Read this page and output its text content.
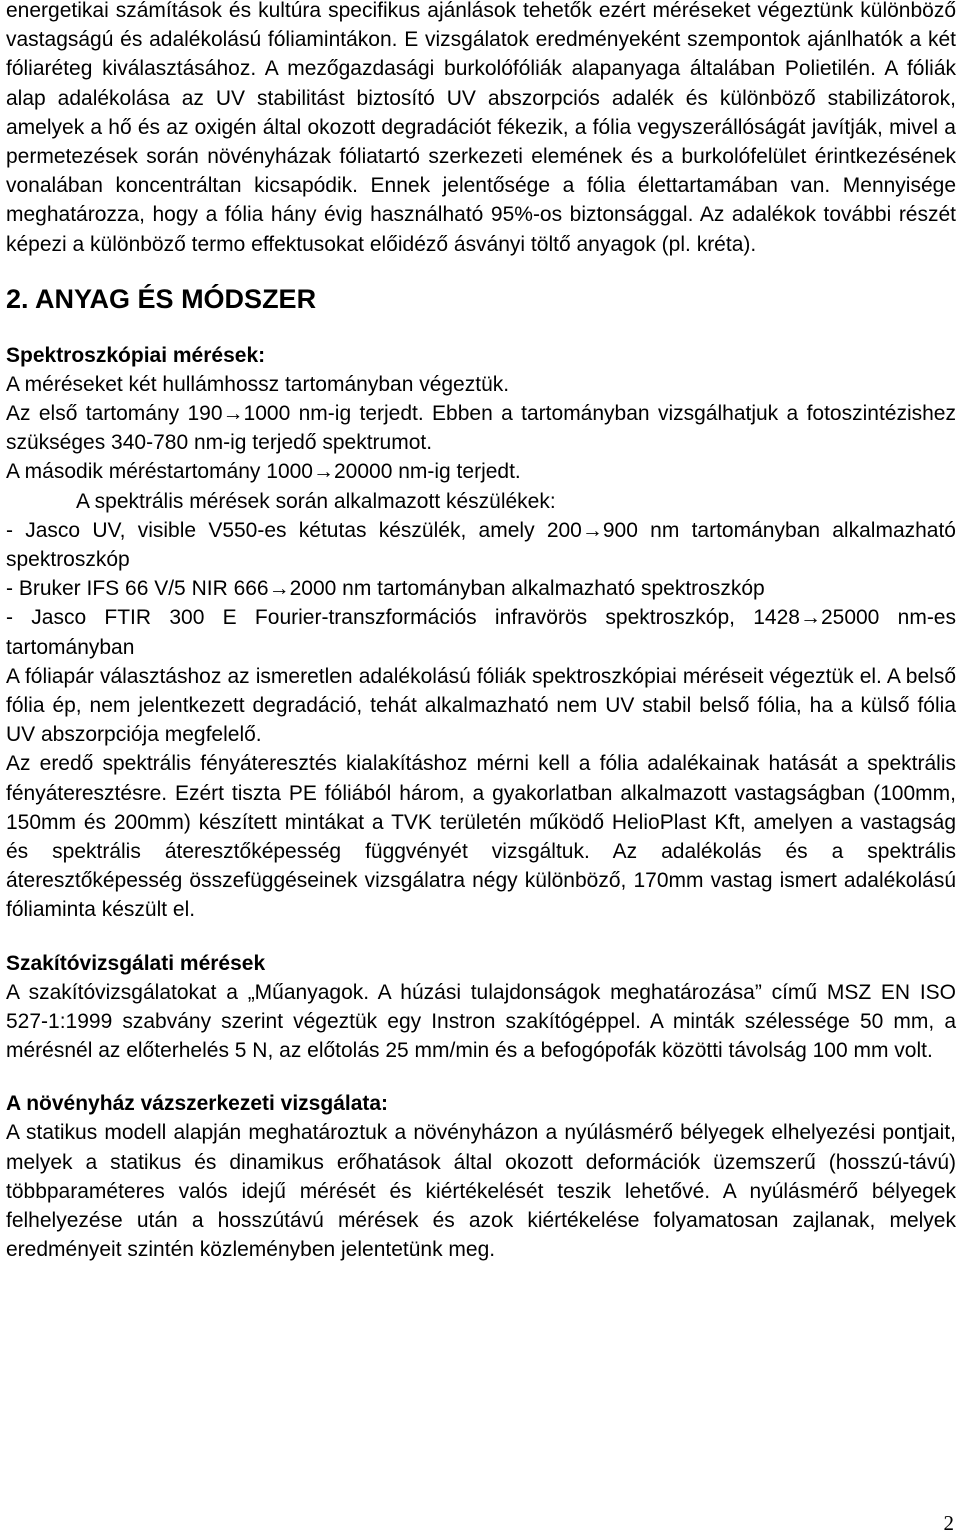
energetikai számítások és kultúra specifikus ajánlások tehetők ezért méréseket végeztünk különböző vastagságú és adalékolású fóliamintákon. E vizsgálatok eredményeként szempontok ajánlhatók a két fóliaréteg kiválasztásához. A mezőgazdasági burkolófóliák alapanyaga általában Polietilén. A fóliák alap adalékolása az UV stabilitást biztosító UV abszorpciós adalék és különböző stabilizátorok, amelyek a hő és az oxigén által okozott degradációt fékezik, a fólia vegyszerállóságát javítják, mivel a permetezések során növényházak fóliatartó szerkezeti elemének és a burkolófelület érintkezésének vonalában koncentráltan kicsapódik. Ennek jelentősége a fólia élettartamában van. Mennyisége meghatározza, hogy a fólia hány évig használható 95%-os biztonsággal. Az adalékok további részét képezi a különböző termo effektusokat előidéző ásványi töltő anyagok (pl. kréta).

2. ANYAG ÉS MÓDSZER
Spektroszkópiai mérések:

A méréseket két hullámhossz tartományban végeztük.

Az első tartomány 190→1000 nm-ig terjedt. Ebben a tartományban vizsgálhatjuk a fotoszintézishez szükséges 340-780 nm-ig terjedő spektrumot.

A második méréstartomány 1000→20000 nm-ig terjedt.

A spektrális mérések során alkalmazott készülékek:

- Jasco UV, visible V550-es kétutas készülék, amely 200→900 nm tartományban alkalmazható spektroszkóp

- Bruker IFS 66 V/5 NIR 666→2000 nm tartományban alkalmazható spektroszkóp

- Jasco FTIR 300 E Fourier-transzformációs infravörös spektroszkóp, 1428→25000 nm-es tartományban

A fóliapár választáshoz az ismeretlen adalékolású fóliák spektroszkópiai méréseit végeztük el. A belső fólia ép, nem jelentkezett degradáció, tehát alkalmazható nem UV stabil belső fólia, ha a külső fólia UV abszorpciója megfelelő.

Az eredő spektrális fényáteresztés kialakításhoz mérni kell a fólia adalékainak hatását a spektrális fényáteresztésre. Ezért tiszta PE fóliából három, a gyakorlatban alkalmazott vastagságban (100mm, 150mm és 200mm) készített mintákat a TVK területén működő HelioPlast Kft, amelyen a vastagság és spektrális áteresztőképesség függvényét vizsgáltuk. Az adalékolás és a spektrális áteresztőképesség összefüggéseinek vizsgálatra négy különböző, 170mm vastag ismert adalékolású fóliaminta készült el.

Szakítóvizsgálati mérések

A szakítóvizsgálatokat a „Műanyagok. A húzási tulajdonságok meghatározása” című MSZ EN ISO 527-1:1999 szabvány szerint végeztük egy Instron szakítógéppel. A minták szélessége 50 mm, a mérésnél az előterhelés 5 N, az előtolás 25 mm/min és a befogópofák közötti távolság 100 mm volt.

A növényház vázszerkezeti vizsgálata:

A statikus modell alapján meghatároztuk a növényházon a nyúlásmérő bélyegek elhelyezési pontjait, melyek a statikus és dinamikus erőhatások által okozott deformációk üzemszerű (hosszú-távú) többparaméteres valós idejű mérését és kiértékelését teszik lehetővé. A nyúlásmérő bélyegek felhelyezése után a hosszútávú mérések és azok kiértékelése folyamatosan zajlanak, melyek eredményeit szintén közleményben jelentetünk meg.

2
